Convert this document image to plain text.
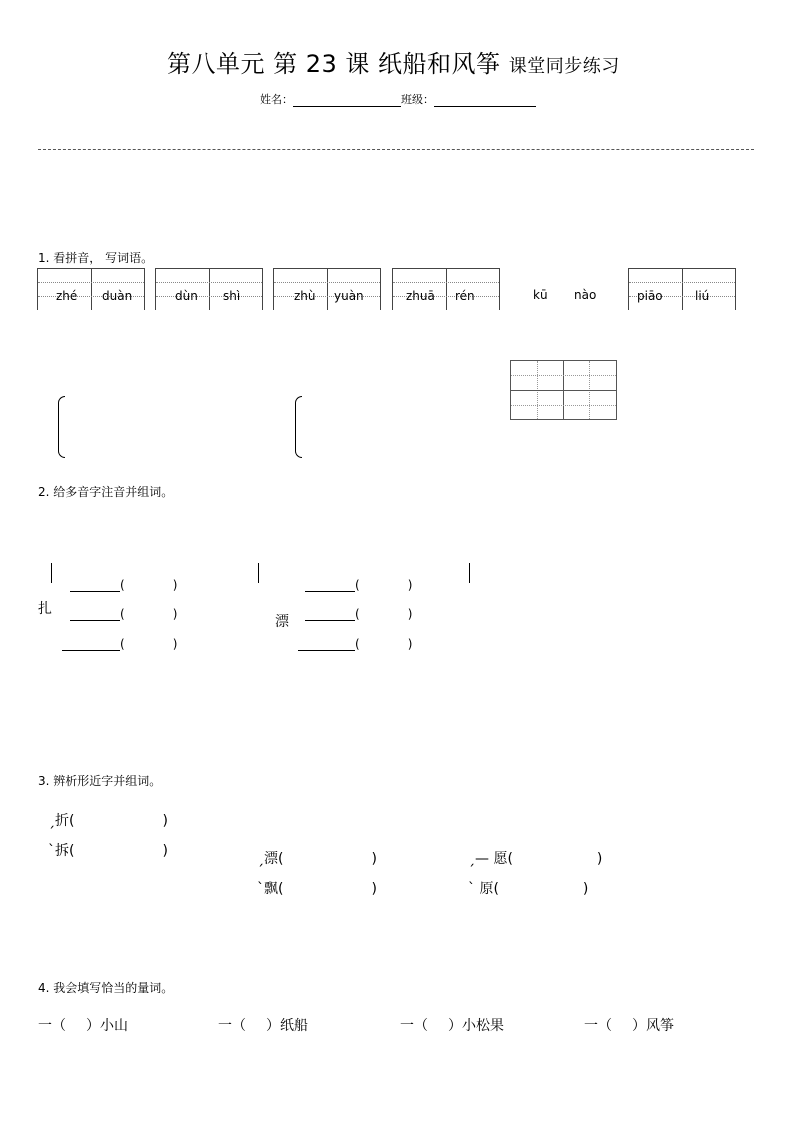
第八单元 第 23 课 纸船和风筝 课堂同步练习
姓名：	班级：
1. 看拼音， 写词语。
zhé duàn	dùn shì	zhù yuàn	zhuā rén	kū nào	piāo	liú
2. 给多音字注音并组词。
扎
漂
(	)
(	)
(	)
(	)
(	)
(	)
3. 辨析形近字并组词。
ˏ折(	)
ˋ拆(	)	ˏ漂(	)
ˋ飘(	)
ˏ— 愿(	)
ˋ 原(	)
4. 我会填写恰当的量词。
一（ ）小山	一（ ）纸船	一（ ）小松果	一（ ）风筝
